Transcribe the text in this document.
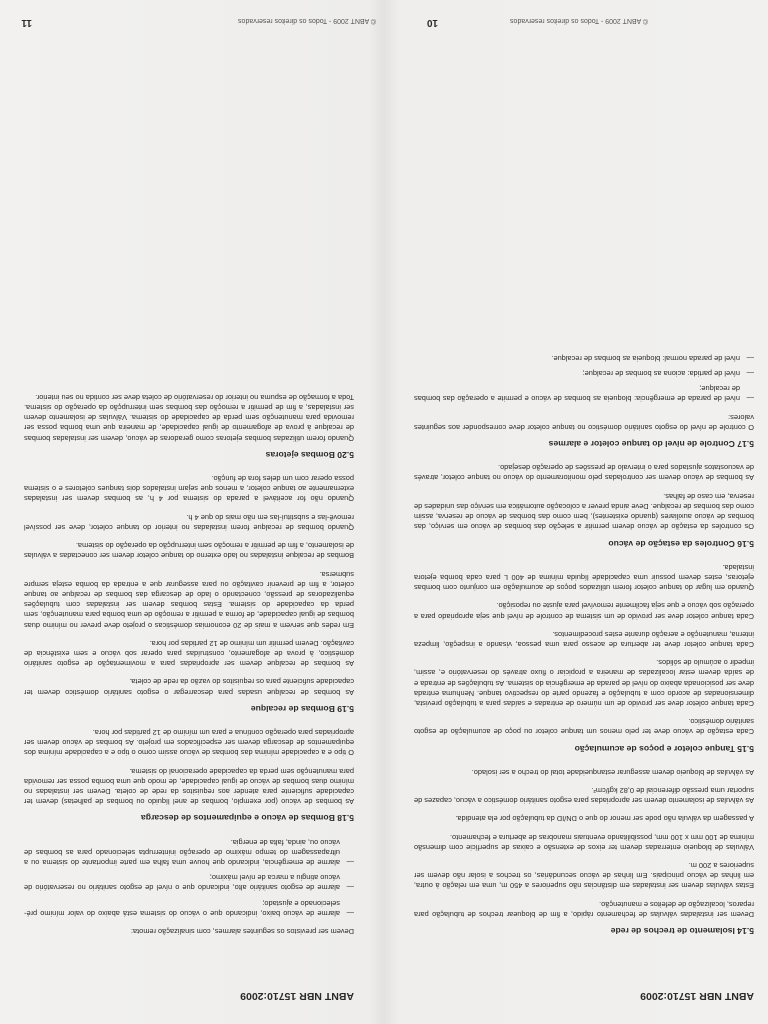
ABNT NBR 15710:2009
5.14 Isolamento de trechos de rede

Devem ser instaladas válvulas de fechamento rápido, a fim de bloquear trechos de tubulação para reparos, localização de defeitos e manutenção.

Estas válvulas devem ser instaladas em distâncias não superiores a 450 m, uma em relação à outra, em linhas de vácuo principais. Em linhas de vácuo secundárias, os trechos a isolar não devem ser superiores a 200 m.

Válvulas de bloqueio enterradas devem ter eixos de extensão e caixas de superfície com dimensão mínima de 100 mm x 100 mm, possibilitando eventuais manobras de abertura e fechamento.

A passagem da válvula não pode ser menor do que o DN/ID da tubulação por ela atendida.

As válvulas de isolamento devem ser apropriadas para esgoto sanitário doméstico a vácuo, capazes de suportar uma pressão diferencial de 0,82 kgf/cm².

As válvulas de bloqueio devem assegurar estanqueidade total do trecho a ser isolado.

5.15 Tanque coletor e poços de acumulação

Cada estação de vácuo deve ter pelo menos um tanque coletor ou poço de acumulação de esgoto sanitário doméstico.

Cada tanque coletor deve ser provido de um número de entradas e saídas para a tubulação prevista, dimensionadas de acordo com a tubulação e fazendo parte do respectivo tanque. Nenhuma entrada deve ser posicionada abaixo do nível de parada de emergência do sistema. As tubulações de entrada e de saída devem estar localizadas de maneira a propiciar o fluxo através do reservatório e, assim, impedir o acúmulo de sólidos.

Cada tanque coletor deve ter abertura de acesso para uma pessoa, visando a inspeção, limpeza interna, manutenção e aeração durante estes procedimentos.

Cada tanque coletor deve ser provido de um sistema de controle de nível que seja apropriado para a operação sob vácuo e que seja facilmente removível para ajuste ou reposição.

Quando em lugar do tanque coletor forem utilizados poços de acumulação em conjunto com bombas ejetoras, estes devem possuir uma capacidade líquida mínima de 400 L para cada bomba ejetora instalada.

5.16 Controles da estação de vácuo

Os controles da estação de vácuo devem permitir a seleção das bombas de vácuo em serviço, das bombas de vácuo auxiliares (quando existentes), bem como das bombas de vácuo de reserva, assim como das bombas de recalque. Deve ainda prever a colocação automática em serviço das unidades de reserva, em caso de falhas.

As bombas de vácuo devem ser controladas pelo monitoramento do vácuo no tanque coletor, através de vacuostatos ajustados para o intervalo de pressões de operação desejado.

5.17 Controle de nível do tanque coletor e alarmes

O controle de nível do esgoto sanitário doméstico no tanque coletor deve corresponder aos seguintes valores:

— nível de parada de emergência: bloqueia as bombas de vácuo e permite a operação das bombas de recalque;
— nível de partida: aciona as bombas de recalque;
— nível de parada normal: bloqueia as bombas de recalque.
© ABNT 2009 - Todos os direitos reservados
10
ABNT NBR 15710:2009

Devem ser previstos os seguintes alarmes, com sinalização remota:

— alarme de vácuo baixo, indicando que o vácuo do sistema está abaixo do valor mínimo pré-selecionado e ajustado;
— alarme de esgoto sanitário alto, indicando que o nível de esgoto sanitário no reservatório de vácuo atingiu a marca de nível máximo;
— alarme de emergência, indicando que houve uma falha em parte importante do sistema ou a ultrapassagem do tempo máximo de operação ininterrupta selecionado para as bombas de vácuo ou, ainda, falta de energia.
5.18 Bombas de vácuo e equipamentos de descarga

As bombas de vácuo (por exemplo, bombas de anel líquido ou bombas de palhetas) devem ter capacidade suficiente para atender aos requisitos da rede de coleta. Devem ser instaladas no mínimo duas bombas de vácuo de igual capacidade, de modo que uma bomba possa ser removida para manutenção sem perda da capacidade operacional do sistema.

O tipo e a capacidade mínima das bombas de vácuo assim como o tipo e a capacidade mínima dos equipamentos de descarga devem ser especificados em projeto. As bombas de vácuo devem ser apropriadas para operação contínua e para um mínimo de 12 partidas por hora.

5.19 Bombas de recalque

As bombas de recalque usadas para descarregar o esgoto sanitário doméstico devem ter capacidade suficiente para os requisitos do vazão da rede de coleta.

As bombas de recalque devem ser apropriadas para a movimentação de esgoto sanitário doméstico, à prova de afogamento, construídas para operar sob vácuo e sem existência de cavitação. Devem permitir um mínimo de 12 partidas por hora.

Em redes que servem a mais de 20 economias domésticas o projeto deve prever no mínimo duas bombas de igual capacidade, de forma a permitir a remoção de uma bomba para manutenção, sem perda da capacidade do sistema. Estas bombas devem ser instaladas com tubulações equalizadoras de pressão, conectando o lado de descarga das bombas de recalque ao tanque coletor, a fim de prevenir cavitação ou para assegurar que a entrada da bomba esteja sempre submersa.

Bombas de recalque instaladas no lado externo do tanque coletor devem ser conectadas a válvulas de isolamento, a fim de permitir a remoção sem interrupção da operação do sistema.

Quando bombas de recalque forem instaladas no interior do tanque coletor, deve ser possível removê-las e substituí-las em não mais do que 4 h.

Quando não for aceitável a parada do sistema por 4 h, as bombas devem ser instaladas externamente ao tanque coletor, a menos que sejam instalados dois tanques coletores e o sistema possa operar com um deles fora de função.

5.20 Bombas ejetoras

Quando forem utilizadas bombas ejetoras como geradoras de vácuo, devem ser instaladas bombas de recalque à prova de afogamento de igual capacidade, de maneira que uma bomba possa ser removida para manutenção sem perda de capacidade do sistema. Válvulas de isolamento devem ser instaladas, a fim de permitir a remoção das bombas sem interrupção da operação do sistema. Toda a formação de espuma no interior do reservatório de coleta deve ser contida no seu interior.

© ABNT 2009 - Todos os direitos reservados
11
